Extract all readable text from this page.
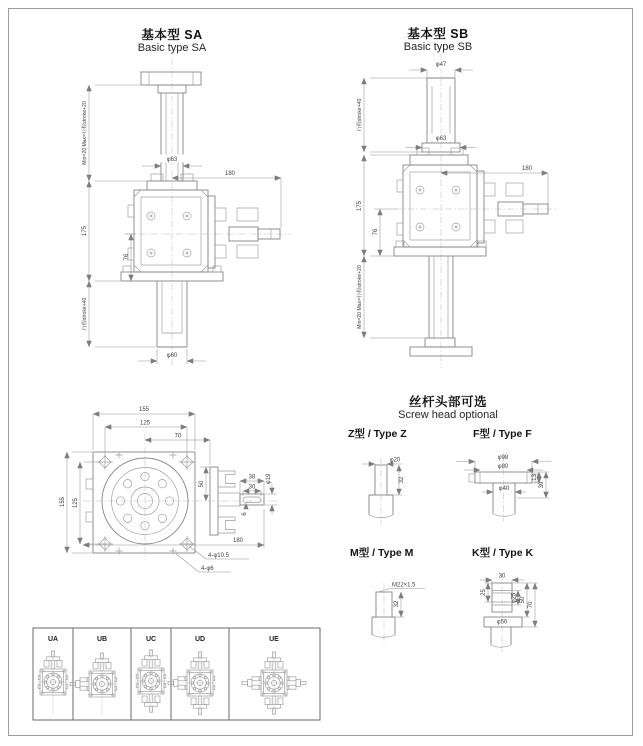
基本型 SA
Basic type SA
基本型 SB
Basic type SB
丝杆头部可选
Screw head optional
Z型 / Type Z	F型 / Type F
M型 / Type M	K型 / Type K
φ63
180
Min=20 Max=行程stroke+20
175
行程stroke+40
76
φ60
φ47
φ63
180
行程stroke+40
175
76
Min=20 Max=行程stroke+20
155
125
70
155 125
50
38
30
φ19
6
180
4-φ10.5
4-φ6
φ20
32
φ98
φ80
φ40
13
30
M22×1.5
32
30
25
φ25 50
70
φ50
UA	UB	UC	UD	UE
